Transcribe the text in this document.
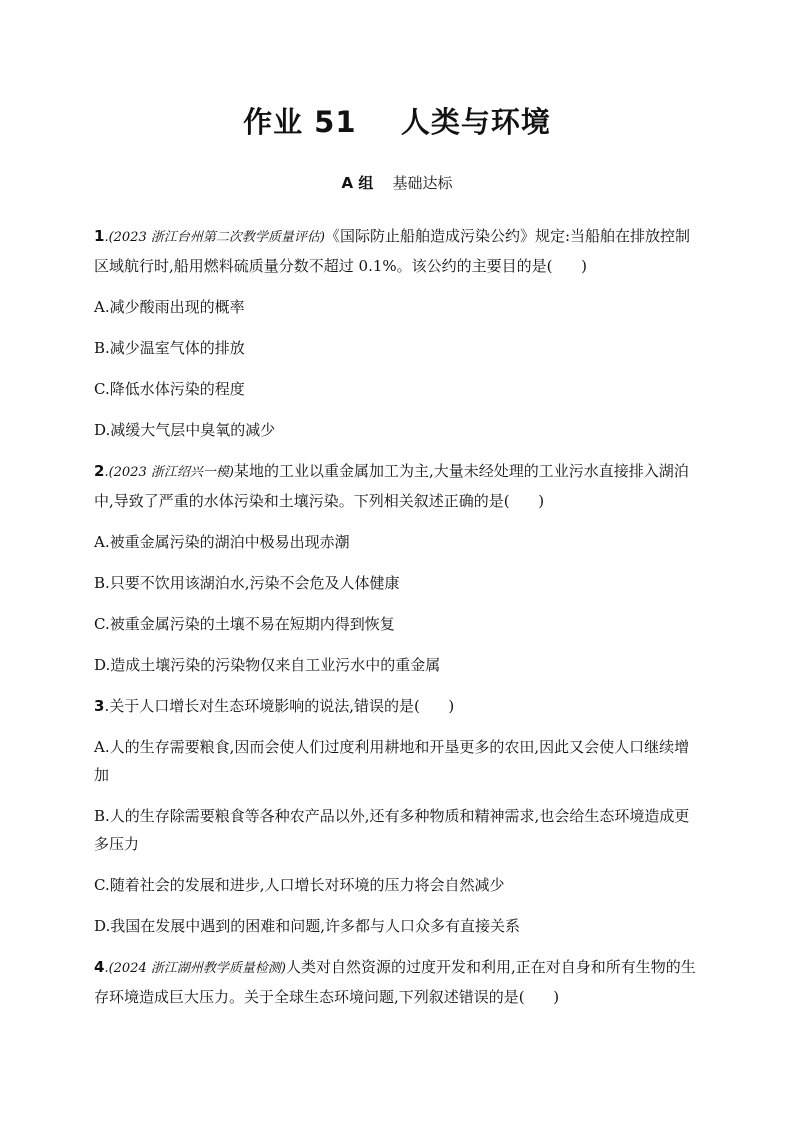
作业 51    人类与环境
A 组 基础达标

1.(2023 浙江台州第二次教学质量评估)《国际防止船舶造成污染公约》规定:当船舶在排放控制区域航行时,船用燃料硫质量分数不超过 0.1%。该公约的主要目的是(      )

A.减少酸雨出现的概率

B.减少温室气体的排放

C.降低水体污染的程度

D.减缓大气层中臭氧的减少

2.(2023 浙江绍兴一模)某地的工业以重金属加工为主,大量未经处理的工业污水直接排入湖泊中,导致了严重的水体污染和土壤污染。下列相关叙述正确的是(      )

A.被重金属污染的湖泊中极易出现赤潮

B.只要不饮用该湖泊水,污染不会危及人体健康

C.被重金属污染的土壤不易在短期内得到恢复

D.造成土壤污染的污染物仅来自工业污水中的重金属

3.关于人口增长对生态环境影响的说法,错误的是(      )

A.人的生存需要粮食,因而会使人们过度利用耕地和开垦更多的农田,因此又会使人口继续增加

B.人的生存除需要粮食等各种农产品以外,还有多种物质和精神需求,也会给生态环境造成更多压力

C.随着社会的发展和进步,人口增长对环境的压力将会自然减少

D.我国在发展中遇到的困难和问题,许多都与人口众多有直接关系

4.(2024 浙江湖州教学质量检测)人类对自然资源的过度开发和利用,正在对自身和所有生物的生存环境造成巨大压力。关于全球生态环境问题,下列叙述错误的是(      )
